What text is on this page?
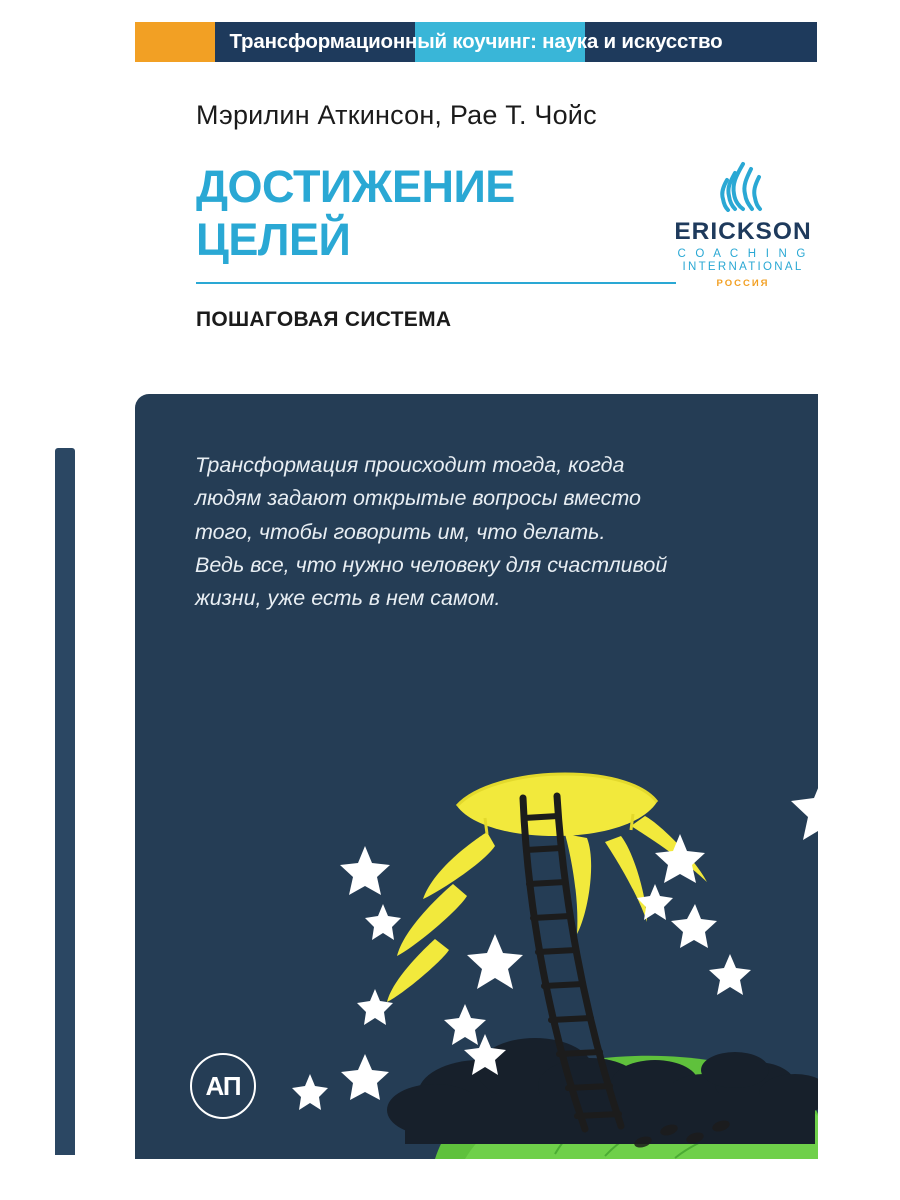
Трансформационный коучинг: наука и искусство
Мэрилин Аткинсон, Рае Т. Чойс
ДОСТИЖЕНИЕ
ЦЕЛЕЙ
ПОШАГОВАЯ СИСТЕМА
ERICKSON
C O A C H I N G
INTERNATIONAL
РОССИЯ
Трансформация происходит тогда, когда
людям задают открытые вопросы вместо
того, чтобы говорить им, что делать.
Ведь все, что нужно человеку для счастливой
жизни, уже есть в нем самом.
АП
